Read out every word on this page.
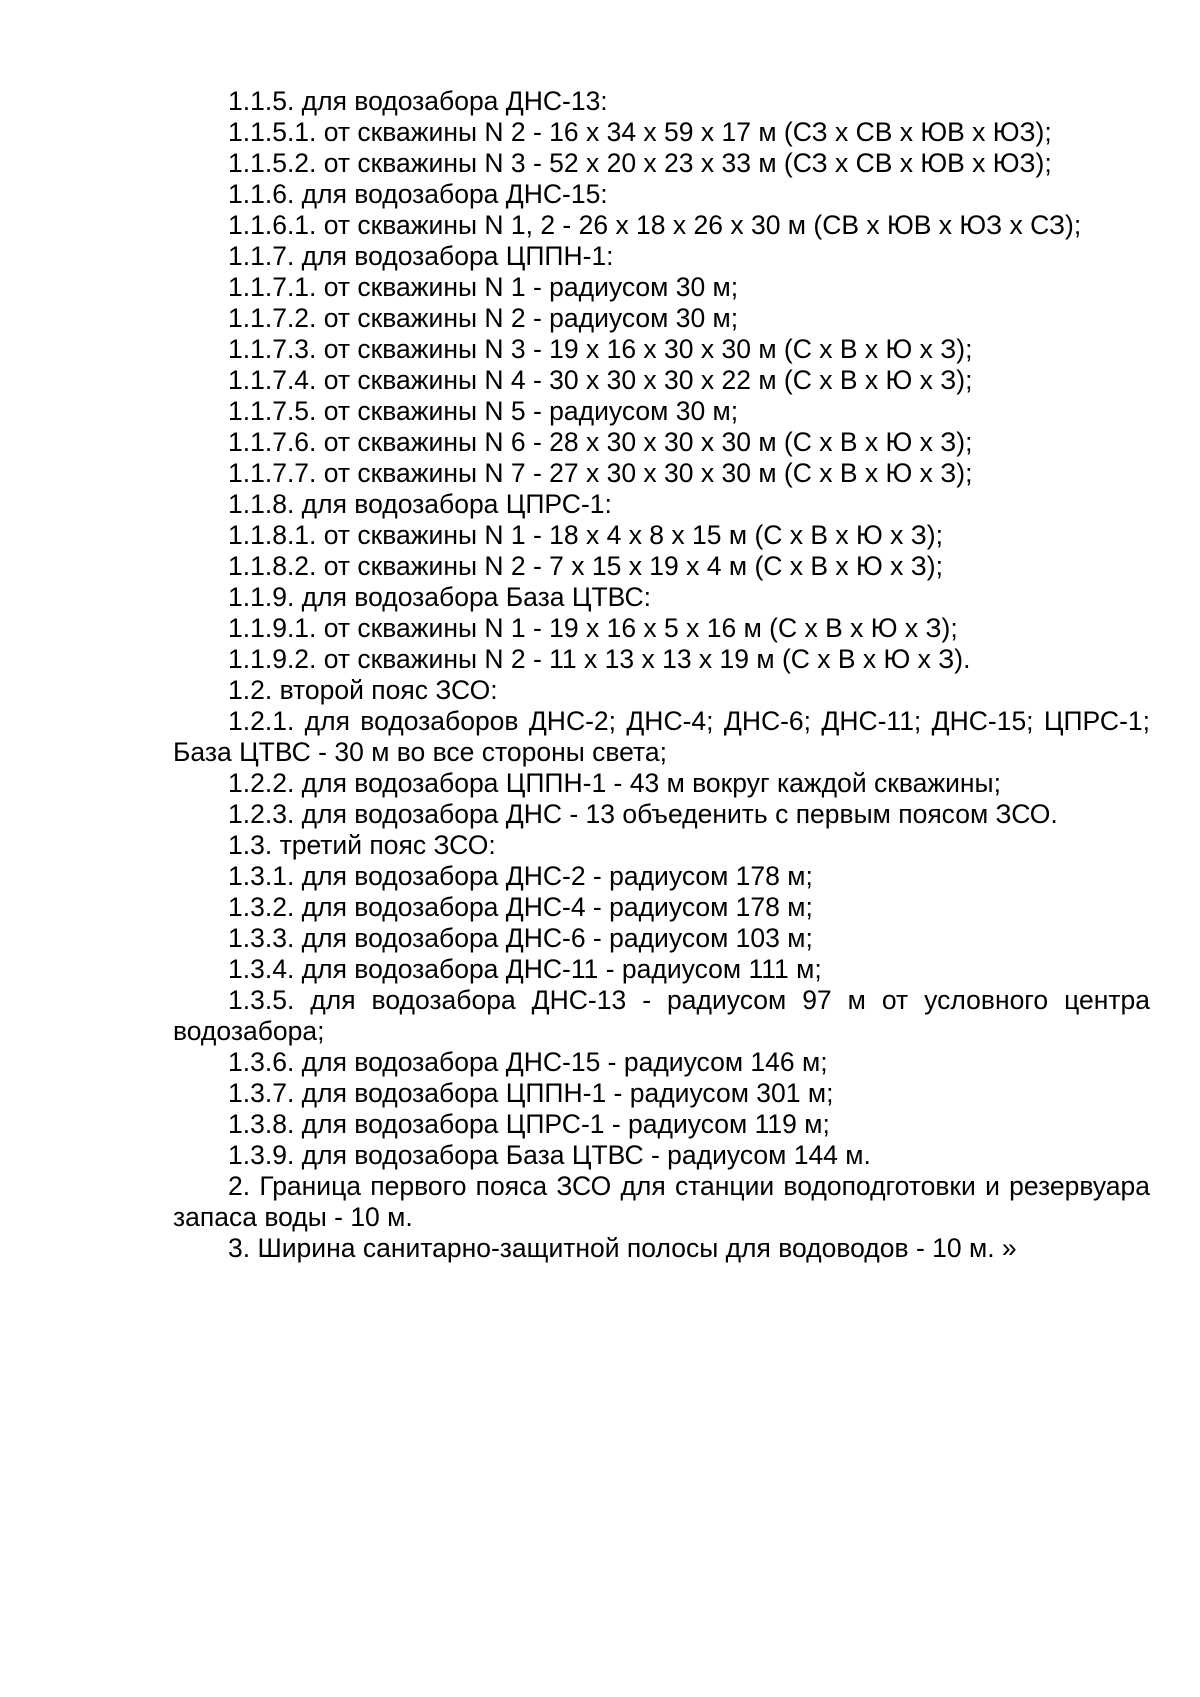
1.1.5. для водозабора ДНС-13:

1.1.5.1. от скважины N 2 - 16 х 34 х 59 х 17 м (СЗ х СВ х ЮВ х ЮЗ);

1.1.5.2. от скважины N 3 - 52 х 20 х 23 х 33 м (СЗ х СВ х ЮВ х ЮЗ);

1.1.6. для водозабора ДНС-15:

1.1.6.1. от скважины N 1, 2 - 26 х 18 х 26 х 30 м (СВ х ЮВ х ЮЗ х СЗ);

1.1.7. для водозабора ЦППН-1:

1.1.7.1. от скважины N 1 - радиусом 30 м;

1.1.7.2. от скважины N 2 - радиусом 30 м;

1.1.7.3. от скважины N 3 - 19 х 16 х 30 х 30 м (С х В х Ю х З);

1.1.7.4. от скважины N 4 - 30 х 30 х 30 х 22 м (С х В х Ю х З);

1.1.7.5. от скважины N 5 - радиусом 30 м;

1.1.7.6. от скважины N 6 - 28 х 30 х 30 х 30 м (С х В х Ю х З);

1.1.7.7. от скважины N 7 - 27 х 30 х 30 х 30 м (С х В х Ю х З);

1.1.8. для водозабора ЦПРС-1:

1.1.8.1. от скважины N 1 - 18 х 4 х 8 х 15 м (С х В х Ю х З);

1.1.8.2. от скважины N 2 - 7 х 15 х 19 х 4 м (С х В х Ю х З);

1.1.9. для водозабора База ЦТВС:

1.1.9.1. от скважины N 1 - 19 х 16 х 5 х 16 м (С х В х Ю х З);

1.1.9.2. от скважины N 2 - 11 х 13 х 13 х 19 м (С х В х Ю х З).

1.2. второй пояс ЗСО:

1.2.1. для водозаборов ДНС-2; ДНС-4; ДНС-6; ДНС-11; ДНС-15; ЦПРС-1; База ЦТВС - 30 м во все стороны света;

1.2.2. для водозабора ЦППН-1 - 43 м вокруг каждой скважины;

1.2.3. для водозабора ДНС - 13 объеденить с первым поясом ЗСО.

1.3. третий пояс ЗСО:

1.3.1. для водозабора ДНС-2 - радиусом 178 м;

1.3.2. для водозабора ДНС-4 - радиусом 178 м;

1.3.3. для водозабора ДНС-6 - радиусом 103 м;

1.3.4. для водозабора ДНС-11 - радиусом 111 м;

1.3.5. для водозабора ДНС-13 - радиусом 97 м от условного центра водозабора;

1.3.6. для водозабора ДНС-15 - радиусом 146 м;

1.3.7. для водозабора ЦППН-1 - радиусом 301 м;

1.3.8. для водозабора ЦПРС-1 - радиусом 119 м;

1.3.9. для водозабора База ЦТВС - радиусом 144 м.

2. Граница первого пояса ЗСО для станции водоподготовки и резервуара запаса воды - 10 м.

3. Ширина санитарно-защитной полосы для водоводов - 10 м. »
